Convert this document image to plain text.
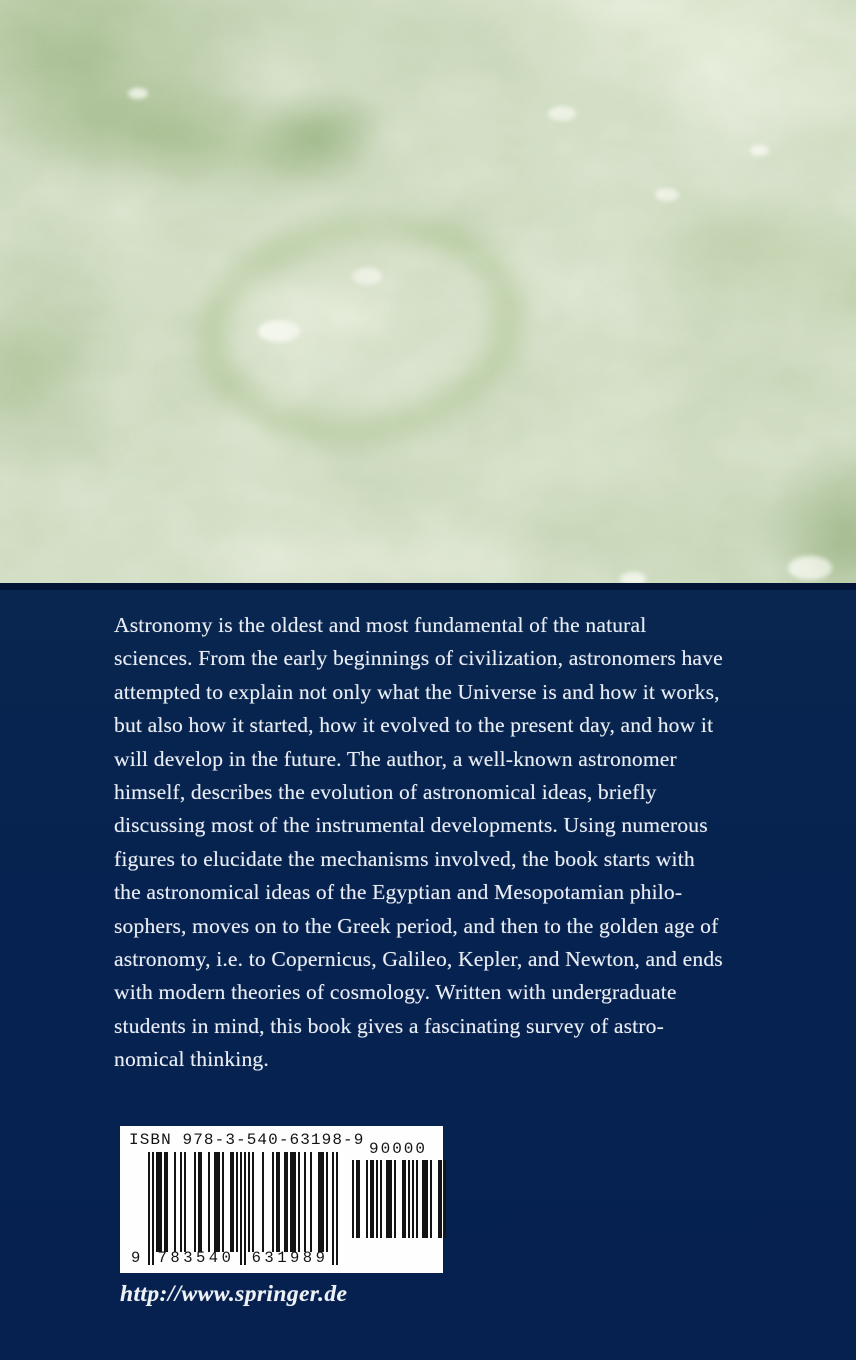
Astronomy is the oldest and most fundamental of the natural
sciences. From the early beginnings of civilization, astronomers have
attempted to explain not only what the Universe is and how it works,
but also how it started, how it evolved to the present day, and how it
will develop in the future. The author, a well-known astronomer
himself, describes the evolution of astronomical ideas, briefly
discussing most of the instrumental developments. Using numerous
figures to elucidate the mechanisms involved, the book starts with
the astronomical ideas of the Egyptian and Mesopotamian philo-
sophers, moves on to the Greek period, and then to the golden age of
astronomy, i.e. to Copernicus, Galileo, Kepler, and Newton, and ends
with modern theories of cosmology. Written with undergraduate
students in mind, this book gives a fascinating survey of astro-
nomical thinking.
ISBN 978-3-540-63198-9
9 783540 631989
90000
http://www.springer.de
